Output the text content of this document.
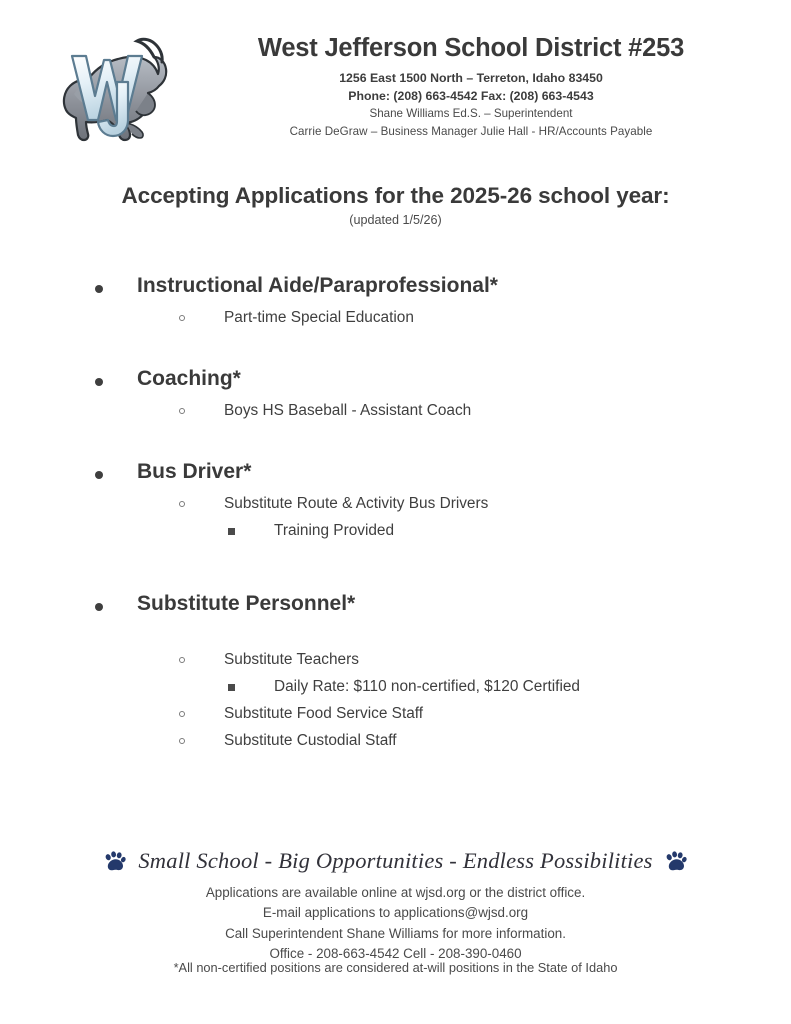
West Jefferson School District #253

1256 East 1500 North – Terreton, Idaho 83450

Phone: (208) 663-4542 Fax: (208) 663-4543

Shane Williams Ed.S. – Superintendent

Carrie DeGraw – Business Manager Julie Hall - HR/Accounts Payable

Accepting Applications for the 2025-26 school year:

(updated 1/5/26)

Instructional Aide/Paraprofessional*
Part-time Special Education
Coaching*
Boys HS Baseball - Assistant Coach
Bus Driver*
Substitute Route & Activity Bus Drivers
Training Provided
Substitute Personnel*
Substitute Teachers
Daily Rate: $110 non-certified, $120 Certified
Substitute Food Service Staff
Substitute Custodial Staff
Small School - Big Opportunities - Endless Possibilities

Applications are available online at wjsd.org or the district office.

E-mail applications to applications@wjsd.org

Call Superintendent Shane Williams for more information.

Office - 208-663-4542 Cell - 208-390-0460

*All non-certified positions are considered at-will positions in the State of Idaho
